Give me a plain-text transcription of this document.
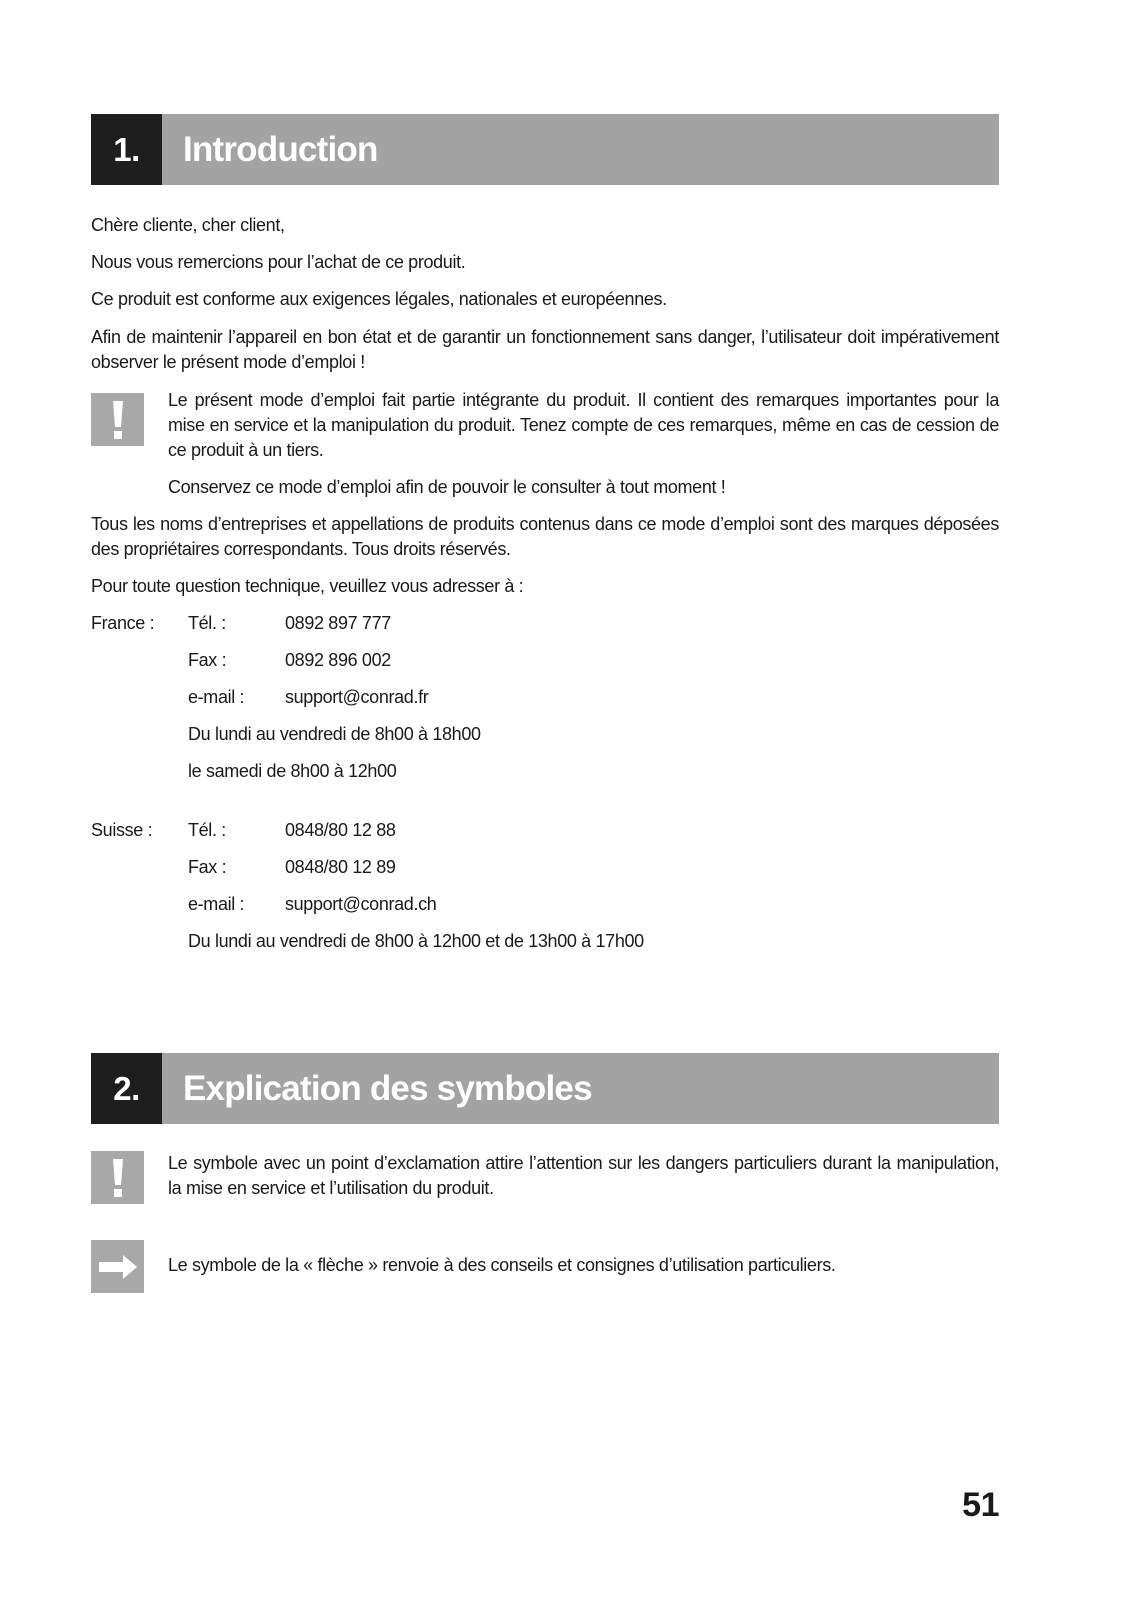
1.	Introduction
Chère cliente, cher client,
Nous vous remercions pour l’achat de ce produit.
Ce produit est conforme aux exigences légales, nationales et européennes.
Afin de maintenir l’appareil en bon état et de garantir un fonctionnement sans danger, l’utilisateur doit impérativement observer le présent mode d’emploi !
Le présent mode d’emploi fait partie intégrante du produit. Il contient des remarques importantes pour la mise en service et la manipulation du produit. Tenez compte de ces remarques, même en cas de cession de ce produit à un tiers.
Conservez ce mode d’emploi afin de pouvoir le consulter à tout moment !
Tous les noms d’entreprises et appellations de produits contenus dans ce mode d’emploi sont des marques déposées des propriétaires correspondants. Tous droits réservés.
Pour toute question technique, veuillez vous adresser à :
France : Tél. :	0892 897 777
Fax :	0892 896 002
e-mail : support@conrad.fr
Du lundi au vendredi de 8h00 à 18h00
le samedi de 8h00 à 12h00
Suisse : Tél. :	0848/80 12 88
Fax :	0848/80 12 89
e-mail : support@conrad.ch
Du lundi au vendredi de 8h00 à 12h00 et de 13h00 à 17h00
2.	Explication des symboles
Le symbole avec un point d’exclamation attire l’attention sur les dangers particuliers durant la manipulation, la mise en service et l’utilisation du produit.
Le symbole de la « flèche » renvoie à des conseils et consignes d’utilisation particuliers.
51
